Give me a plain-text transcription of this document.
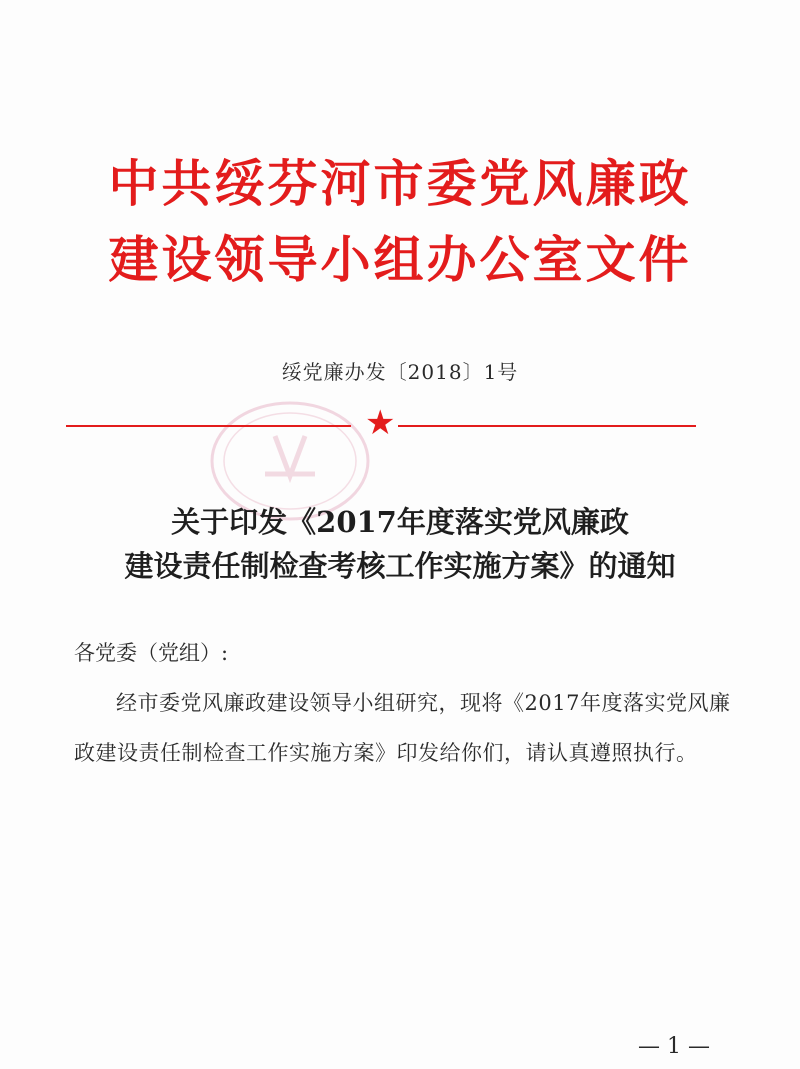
中共绥芬河市委党风廉政
建设领导小组办公室文件
绥党廉办发〔2018〕1号
★
关于印发《2017年度落实党风廉政
建设责任制检查考核工作实施方案》的通知

各党委（党组）:

经市委党风廉政建设领导小组研究，现将《2017年度落实党风廉政建设责任制检查工作实施方案》印发给你们，请认真遵照执行。

— 1 —
